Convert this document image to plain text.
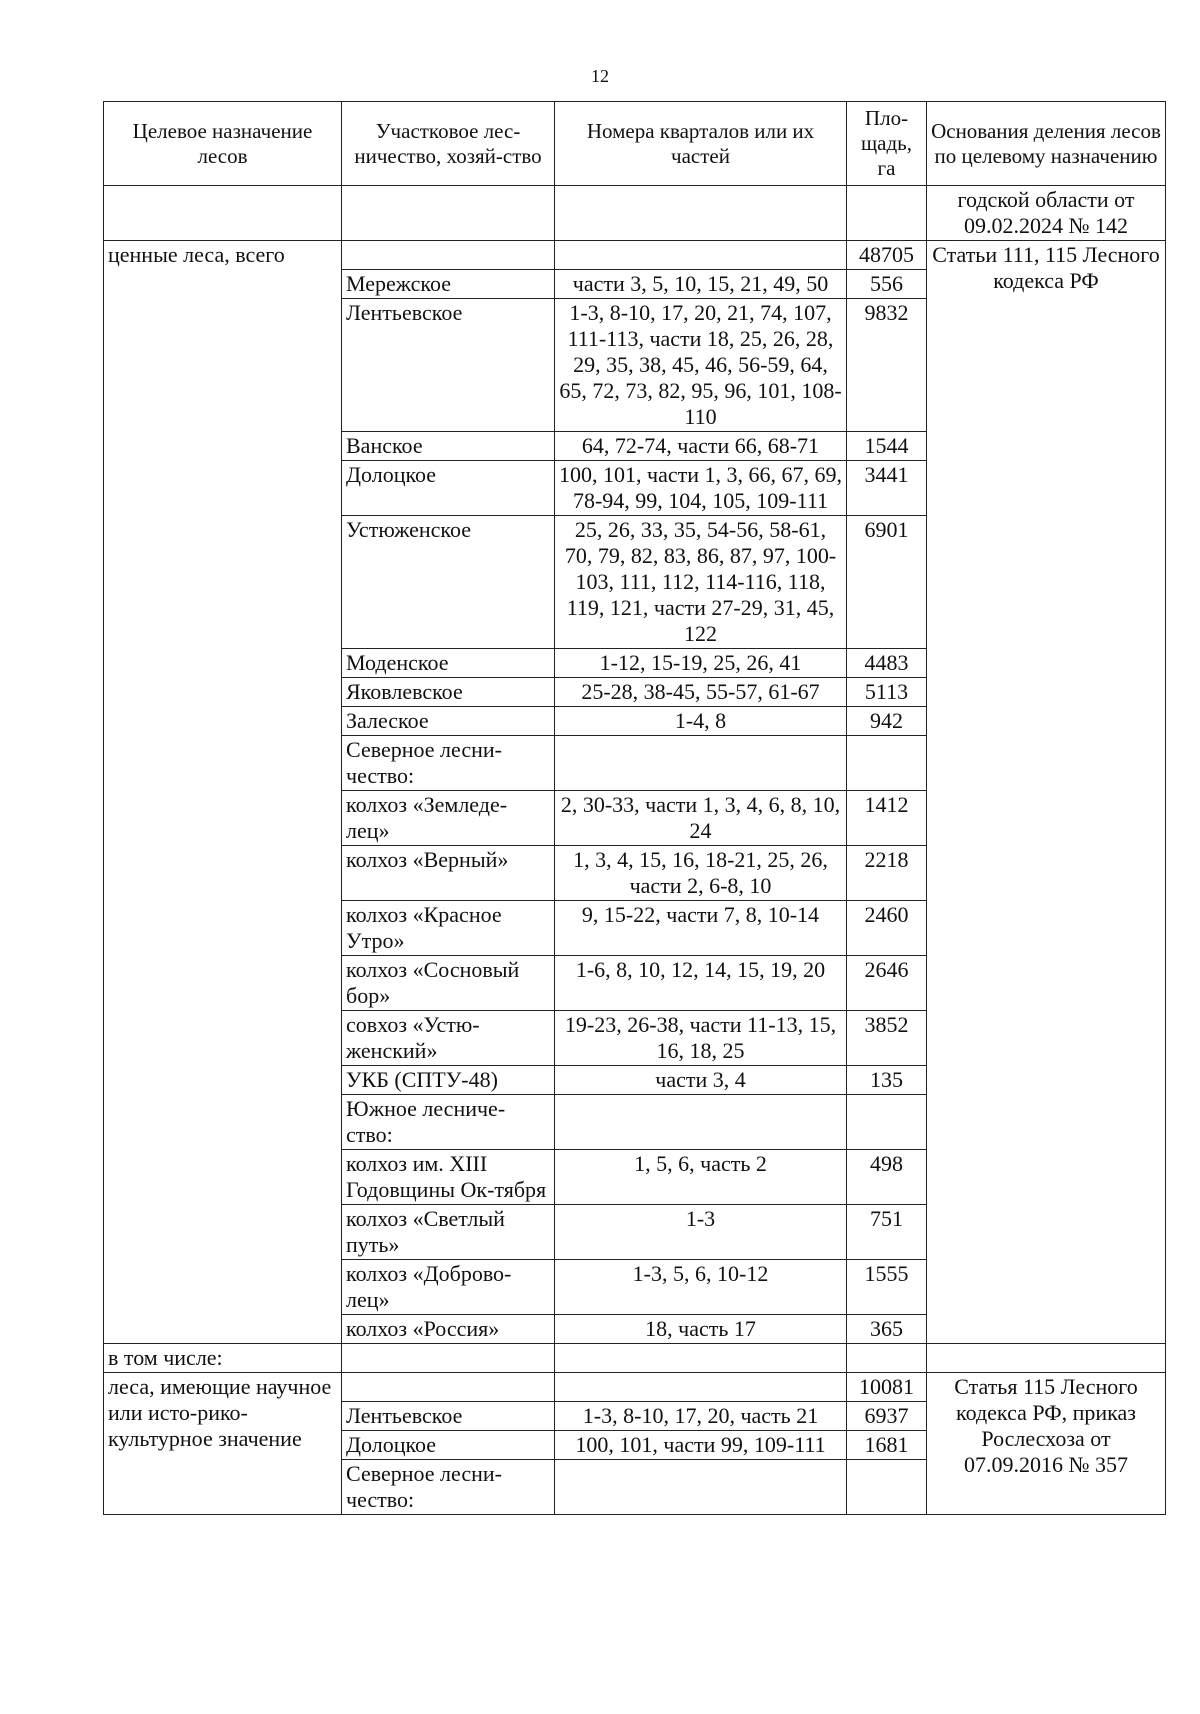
12
Целевое назначение лесов	Участковое лес-ничество, хозяй-ство	Номера кварталов или их частей	Пло-щадь, га	Основания деления лесов по целевому назначению
				годской области от 09.02.2024 № 142
ценные леса, всего			48705	Статьи 111, 115 Лесного кодекса РФ
	Мережское	части 3, 5, 10, 15, 21, 49, 50	556	
	Лентьевское	1-3, 8-10, 17, 20, 21, 74, 107, 111-113, части 18, 25, 26, 28, 29, 35, 38, 45, 46, 56-59, 64, 65, 72, 73, 82, 95, 96, 101, 108-110	9832	
	Ванское	64, 72-74, части 66, 68-71	1544	
	Долоцкое	100, 101, части 1, 3, 66, 67, 69, 78-94, 99, 104, 105, 109-111	3441	
	Устюженское	25, 26, 33, 35, 54-56, 58-61, 70, 79, 82, 83, 86, 87, 97, 100-103, 111, 112, 114-116, 118, 119, 121, части 27-29, 31, 45, 122	6901	
	Моденское	1-12, 15-19, 25, 26, 41	4483	
	Яковлевское	25-28, 38-45, 55-57, 61-67	5113	
	Залеское	1-4, 8	942	
	Северное лесни-чество:			
	колхоз «Земледе-лец»	2, 30-33, части 1, 3, 4, 6, 8, 10, 24	1412	
	колхоз «Верный»	1, 3, 4, 15, 16, 18-21, 25, 26, части 2, 6-8, 10	2218	
	колхоз «Красное Утро»	9, 15-22, части 7, 8, 10-14	2460	
	колхоз «Сосновый бор»	1-6, 8, 10, 12, 14, 15, 19, 20	2646	
	совхоз «Устю-женский»	19-23, 26-38, части 11-13, 15, 16, 18, 25	3852	
	УКБ (СПТУ-48)	части 3, 4	135	
	Южное лесниче-ство:			
	колхоз им. XIII Годовщины Ок-тября	1, 5, 6, часть 2	498	
	колхоз «Светлый путь»	1-3	751	
	колхоз «Доброво-лец»	1-3, 5, 6, 10-12	1555	
	колхоз «Россия»	18, часть 17	365	
в том числе:				
леса, имеющие научное или исто-рико-культурное значение			10081	Статья 115 Лесного кодекса РФ, приказ Рослесхоза от 07.09.2016 № 357
	Лентьевское	1-3, 8-10, 17, 20, часть 21	6937	
	Долоцкое	100, 101, части 99, 109-111	1681	
	Северное лесни-чество:			
